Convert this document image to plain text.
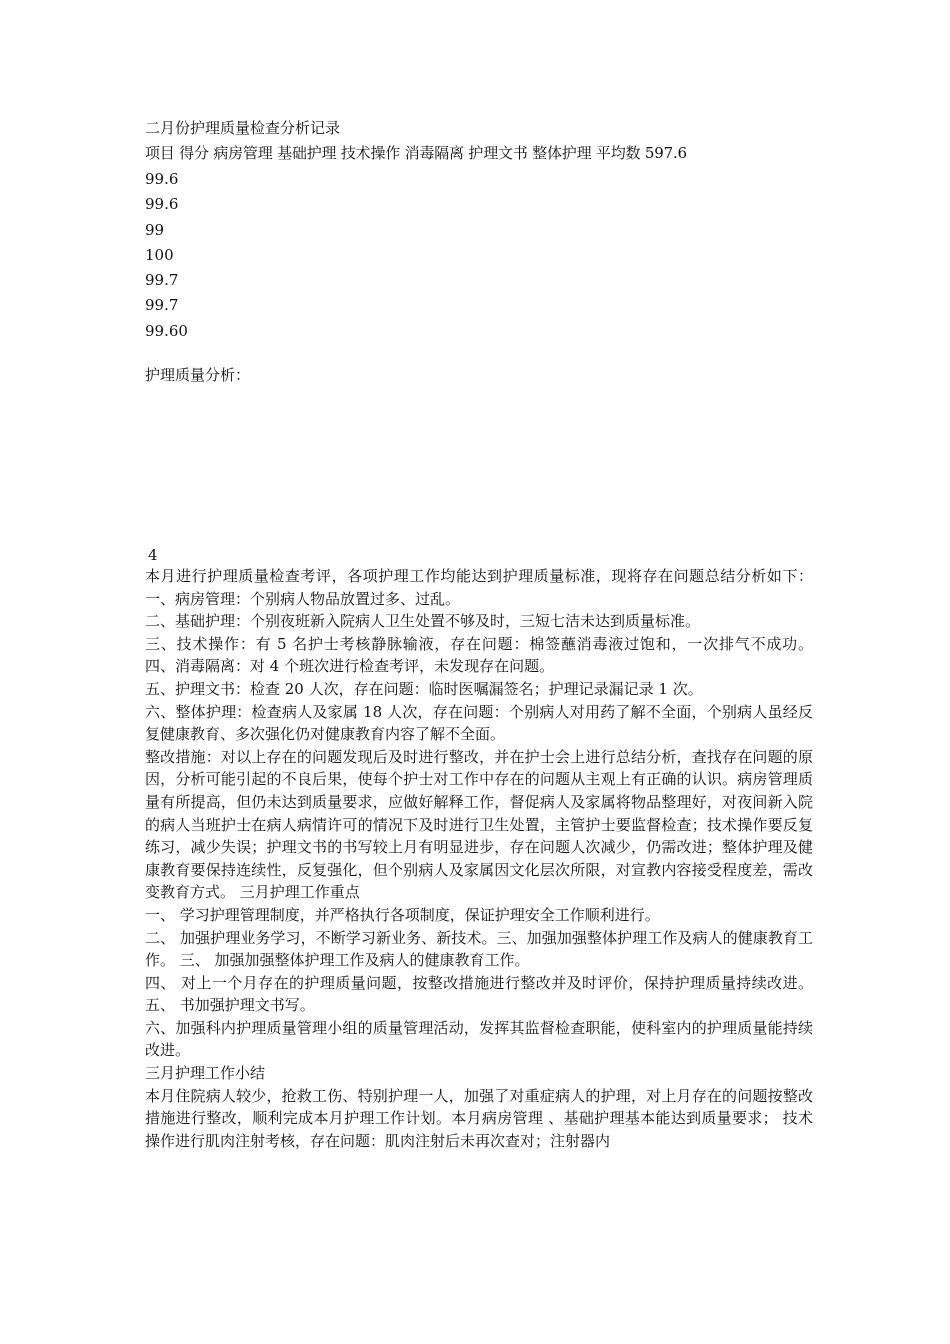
二月份护理质量检查分析记录
项目 得分 病房管理 基础护理 技术操作 消毒隔离 护理文书 整体护理 平均数 597.6
99.6
99.6
99
100
99.7
99.7
99.60
护理质量分析：
4

本月进行护理质量检查考评，各项护理工作均能达到护理质量标准，现将存在问题总结分析如下： 一、病房管理：个别病人物品放置过多、过乱。

二、基础护理：个别夜班新入院病人卫生处置不够及时，三短七洁未达到质量标准。

三、技术操作：有 5 名护士考核静脉输液，存在问题：棉签蘸消毒液过饱和，一次排气不成功。 四、消毒隔离：对 4 个班次进行检查考评，未发现存在问题。

五、护理文书：检查 20 人次，存在问题：临时医嘱漏签名；护理记录漏记录 1 次。

六、整体护理：检查病人及家属 18 人次，存在问题：个别病人对用药了解不全面，个别病人虽经反复健康教育、多次强化仍对健康教育内容了解不全面。

整改措施：对以上存在的问题发现后及时进行整改，并在护士会上进行总结分析，查找存在问题的原因，分析可能引起的不良后果，使每个护士对工作中存在的问题从主观上有正确的认识。病房管理质量有所提高，但仍未达到质量要求，应做好解释工作，督促病人及家属将物品整理好，对夜间新入院的病人当班护士在病人病情许可的情况下及时进行卫生处置，主管护士要监督检查；技术操作要反复练习，减少失误；护理文书的书写较上月有明显进步，存在问题人次减少，仍需改进；整体护理及健康教育要保持连续性，反复强化，但个别病人及家属因文化层次所限，对宣教内容接受程度差，需改变教育方式。 三月护理工作重点

一、 学习护理管理制度，并严格执行各项制度，保证护理安全工作顺利进行。

二、 加强护理业务学习，不断学习新业务、新技术。三、加强加强整体护理工作及病人的健康教育工作。 三、 加强加强整体护理工作及病人的健康教育工作。

四、 对上一个月存在的护理质量问题，按整改措施进行整改并及时评价，保持护理质量持续改进。 五、 书加强护理文书写。

六、加强科内护理质量管理小组的质量管理活动，发挥其监督检查职能，使科室内的护理质量能持续改进。

三月护理工作小结

本月住院病人较少，抢救工伤、特别护理一人，加强了对重症病人的护理，对上月存在的问题按整改措施进行整改，顺利完成本月护理工作计划。本月病房管理 、基础护理基本能达到质量要求； 技术操作进行肌肉注射考核，存在问题：肌肉注射后未再次查对；注射器内
